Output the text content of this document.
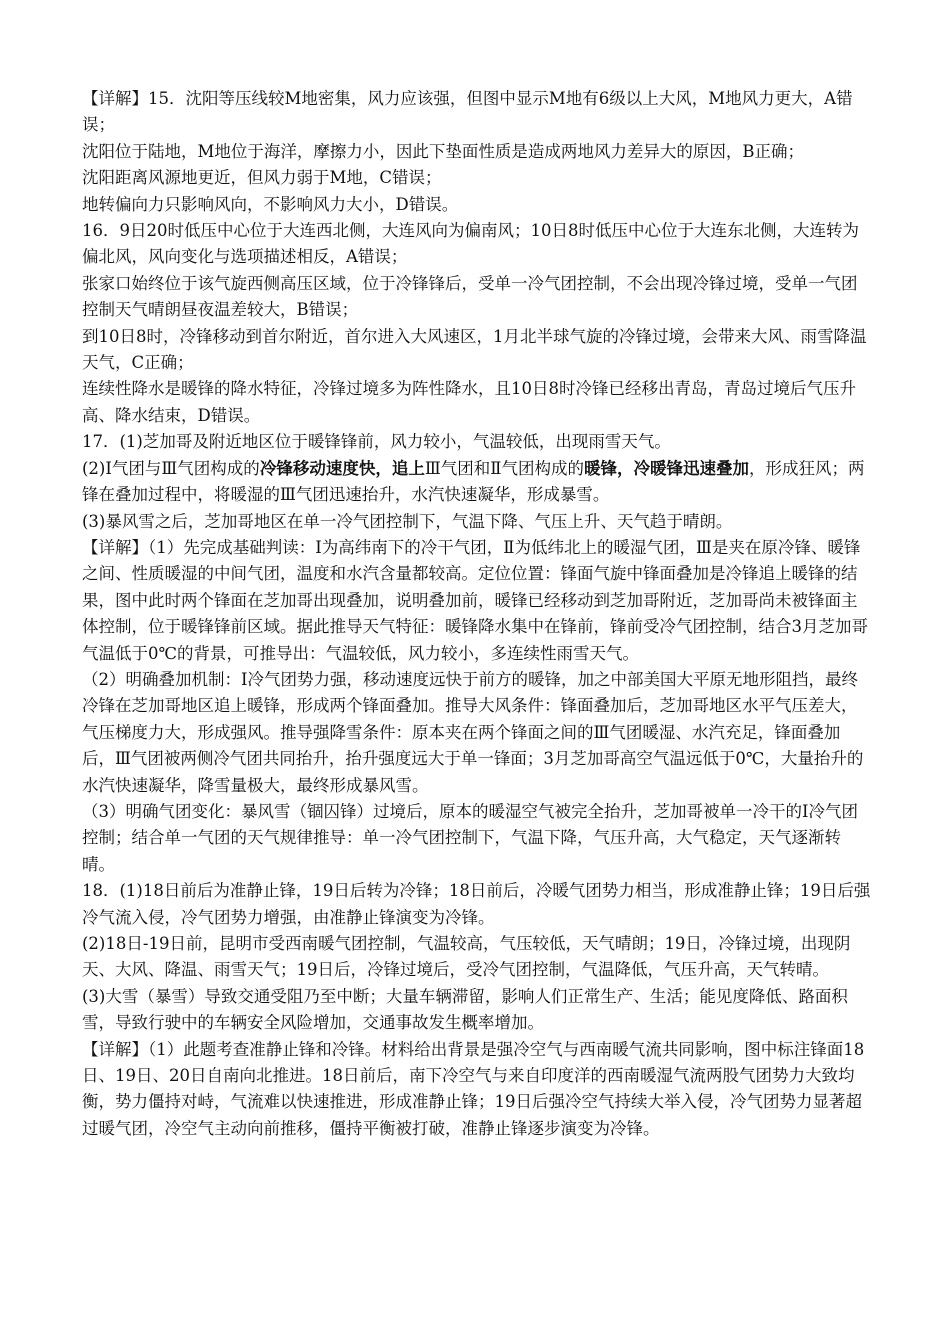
【详解】15．沈阳等压线较M地密集，风力应该强，但图中显示M地有6级以上大风，M地风力更大，A错误；

沈阳位于陆地，M地位于海洋，摩擦力小，因此下垫面性质是造成两地风力差异大的原因，B正确；

沈阳距离风源地更近，但风力弱于M地，C错误；

地转偏向力只影响风向，不影响风力大小，D错误。

16．9日20时低压中心位于大连西北侧，大连风向为偏南风；10日8时低压中心位于大连东北侧，大连转为偏北风，风向变化与选项描述相反，A错误；

张家口始终位于该气旋西侧高压区域，位于冷锋锋后，受单一冷气团控制，不会出现冷锋过境，受单一气团控制天气晴朗昼夜温差较大，B错误；

到10日8时，冷锋移动到首尔附近，首尔进入大风速区，1月北半球气旋的冷锋过境，会带来大风、雨雪降温天气，C正确；

连续性降水是暖锋的降水特征，冷锋过境多为阵性降水，且10日8时冷锋已经移出青岛，青岛过境后气压升高、降水结束，D错误。

17．(1)芝加哥及附近地区位于暖锋锋前，风力较小，气温较低，出现雨雪天气。

(2)Ⅰ气团与Ⅲ气团构成的冷锋移动速度快，追上Ⅲ气团和Ⅱ气团构成的暖锋，冷暖锋迅速叠加，形成狂风；两锋在叠加过程中，将暖湿的Ⅲ气团迅速抬升，水汽快速凝华，形成暴雪。

(3)暴风雪之后，芝加哥地区在单一冷气团控制下，气温下降、气压上升、天气趋于晴朗。

【详解】（1）先完成基础判读：Ⅰ为高纬南下的冷干气团，Ⅱ为低纬北上的暖湿气团，Ⅲ是夹在原冷锋、暖锋之间、性质暖湿的中间气团，温度和水汽含量都较高。定位位置：锋面气旋中锋面叠加是冷锋追上暖锋的结果，图中此时两个锋面在芝加哥出现叠加，说明叠加前，暖锋已经移动到芝加哥附近，芝加哥尚未被锋面主体控制，位于暖锋锋前区域。据此推导天气特征：暖锋降水集中在锋前，锋前受冷气团控制，结合3月芝加哥气温低于0℃的背景，可推导出：气温较低，风力较小，多连续性雨雪天气。

（2）明确叠加机制：Ⅰ冷气团势力强，移动速度远快于前方的暖锋，加之中部美国大平原无地形阻挡，最终冷锋在芝加哥地区追上暖锋，形成两个锋面叠加。推导大风条件：锋面叠加后，芝加哥地区水平气压差大，气压梯度力大，形成强风。推导强降雪条件：原本夹在两个锋面之间的Ⅲ气团暖湿、水汽充足，锋面叠加后，Ⅲ气团被两侧冷气团共同抬升，抬升强度远大于单一锋面；3月芝加哥高空气温远低于0℃，大量抬升的水汽快速凝华，降雪量极大，最终形成暴风雪。

（3）明确气团变化：暴风雪（锢囚锋）过境后，原本的暖湿空气被完全抬升，芝加哥被单一冷干的Ⅰ冷气团控制；结合单一气团的天气规律推导：单一冷气团控制下，气温下降，气压升高，大气稳定，天气逐渐转晴。

18．(1)18日前后为准静止锋，19日后转为冷锋；18日前后，冷暖气团势力相当，形成准静止锋；19日后强冷气流入侵，冷气团势力增强，由准静止锋演变为冷锋。

(2)18日-19日前，昆明市受西南暖气团控制，气温较高，气压较低，天气晴朗；19日，冷锋过境，出现阴天、大风、降温、雨雪天气；19日后，冷锋过境后，受冷气团控制，气温降低，气压升高，天气转晴。

(3)大雪（暴雪）导致交通受阻乃至中断；大量车辆滞留，影响人们正常生产、生活；能见度降低、路面积雪，导致行驶中的车辆安全风险增加，交通事故发生概率增加。

【详解】（1）此题考查准静止锋和冷锋。材料给出背景是强冷空气与西南暖气流共同影响，图中标注锋面18日、19日、20日自南向北推进。18日前后，南下冷空气与来自印度洋的西南暖湿气流两股气团势力大致均衡，势力僵持对峙，气流难以快速推进，形成准静止锋；19日后强冷空气持续大举入侵，冷气团势力显著超过暖气团，冷空气主动向前推移，僵持平衡被打破，准静止锋逐步演变为冷锋。
